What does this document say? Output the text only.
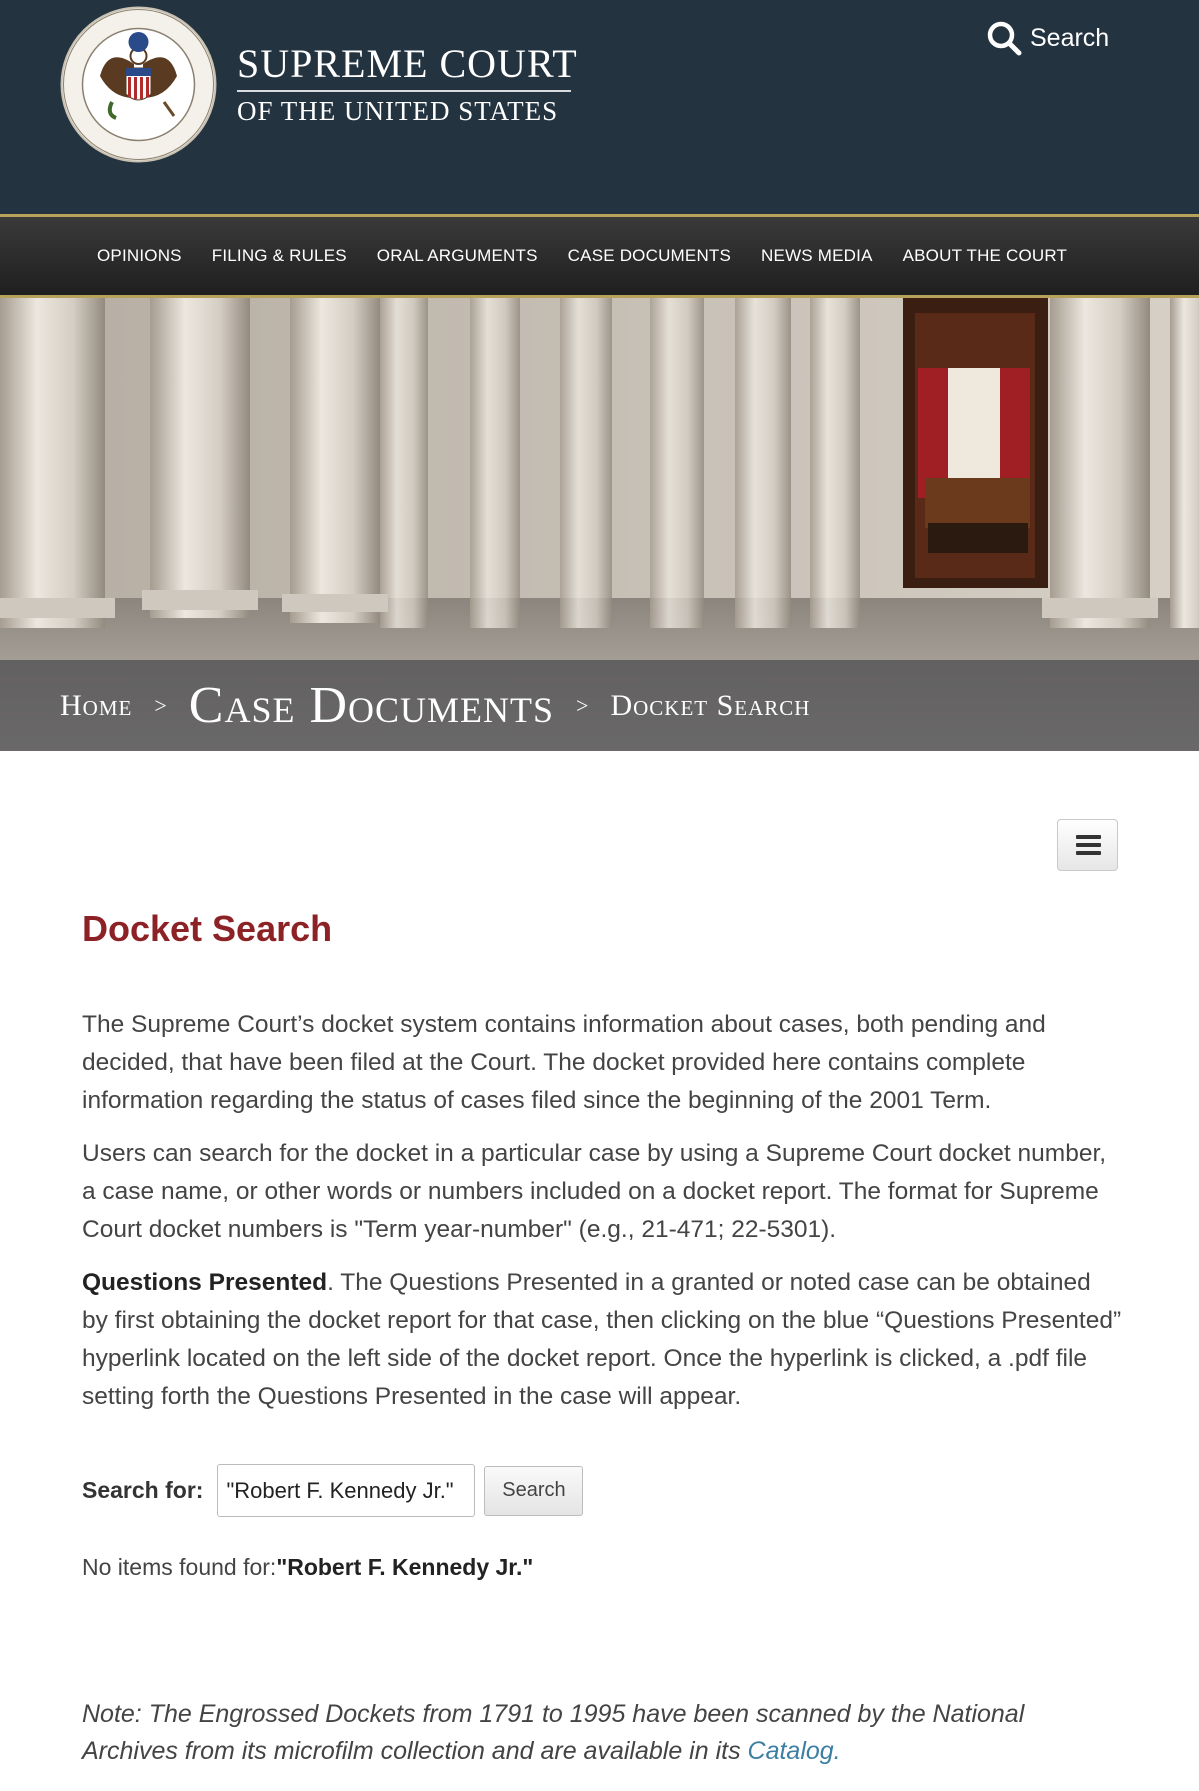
SUPREME COURT
OF THE UNITED STATES
Search
OPINIONS FILING & RULES ORAL ARGUMENTS CASE DOCUMENTS NEWS MEDIA ABOUT THE COURT
Home > Case Documents > Docket Search
Docket Search

The Supreme Court’s docket system contains information about cases, both pending and decided, that have been filed at the Court. The docket provided here contains complete information regarding the status of cases filed since the beginning of the 2001 Term.

Users can search for the docket in a particular case by using a Supreme Court docket number, a case name, or other words or numbers included on a docket report. The format for Supreme Court docket numbers is "Term year-number" (e.g., 21-471; 22-5301).

Questions Presented. The Questions Presented in a granted or noted case can be obtained by first obtaining the docket report for that case, then clicking on the blue “Questions Presented” hyperlink located on the left side of the docket report. Once the hyperlink is clicked, a .pdf file setting forth the Questions Presented in the case will appear.

Search for:
"Robert F. Kennedy Jr."	Search
No items found for:"Robert F. Kennedy Jr."
Note: The Engrossed Dockets from 1791 to 1995 have been scanned by the National Archives from its microfilm collection and are available in its Catalog.
